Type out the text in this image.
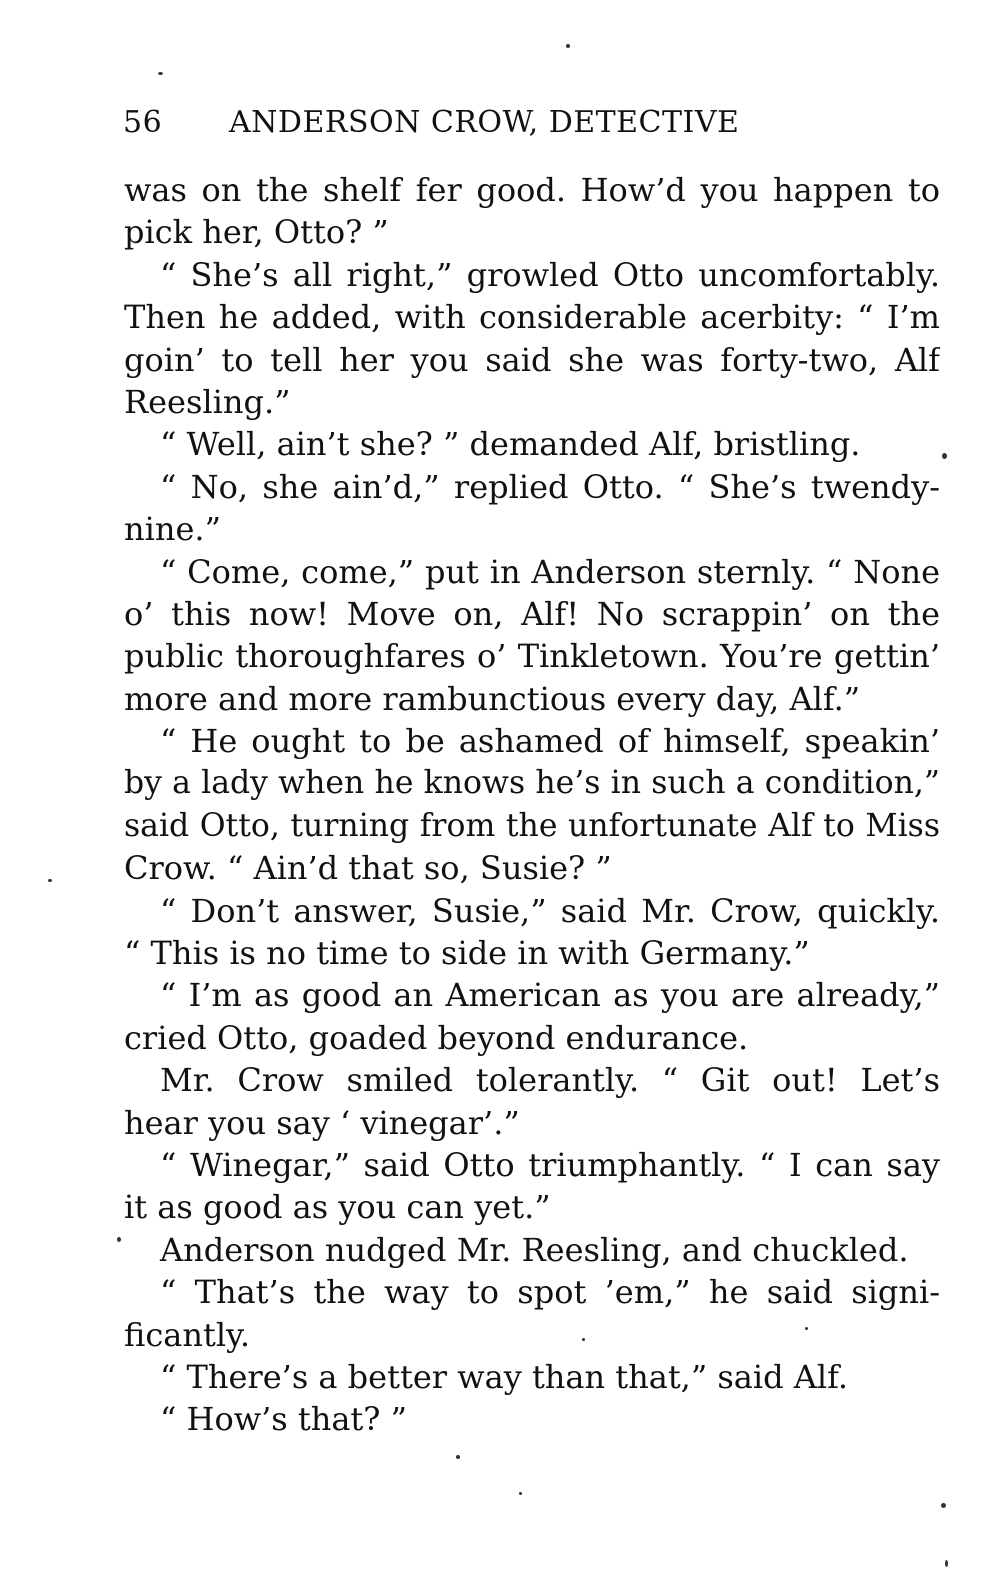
56 ANDERSON CROW, DETECTIVE
was on the shelf fer good. How’d you happen to
pick her, Otto? ”
“ She’s all right,” growled Otto uncomfortably.
Then he added, with considerable acerbity: “ I’m
goin’ to tell her you said she was forty-two, Alf
Reesling.”
“ Well, ain’t she? ” demanded Alf, bristling.
“ No, she ain’d,” replied Otto. “ She’s twendy-
nine.”
“ Come, come,” put in Anderson sternly. “ None
o’ this now! Move on, Alf! No scrappin’ on the
public thoroughfares o’ Tinkletown. You’re gettin’
more and more rambunctious every day, Alf.”
“ He ought to be ashamed of himself, speakin’
by a lady when he knows he’s in such a condition,”
said Otto, turning from the unfortunate Alf to Miss
Crow. “ Ain’d that so, Susie? ”
“ Don’t answer, Susie,” said Mr. Crow, quickly.
“ This is no time to side in with Germany.”
“ I’m as good an American as you are already,”
cried Otto, goaded beyond endurance.
Mr. Crow smiled tolerantly. “ Git out! Let’s
hear you say ‘ vinegar’.”
“ Winegar,” said Otto triumphantly. “ I can say
it as good as you can yet.”
Anderson nudged Mr. Reesling, and chuckled.
“ That’s the way to spot ’em,” he said signi-
ficantly.
“ There’s a better way than that,” said Alf.
“ How’s that? ”
